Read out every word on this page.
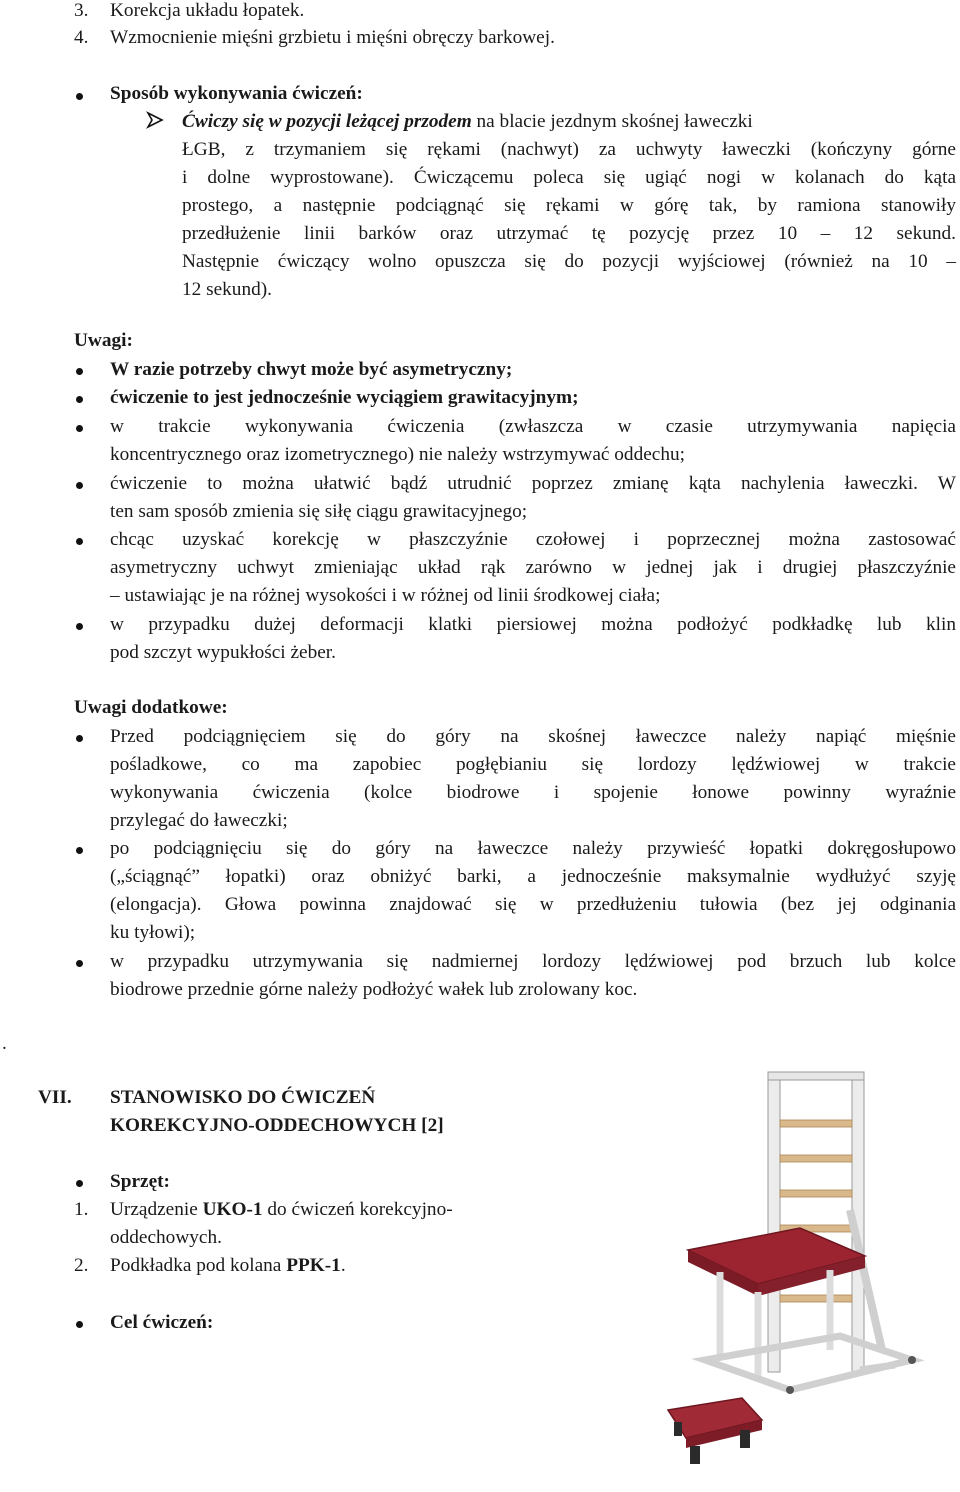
3. Korekcja układu łopatek.
4. Wzmocnienie mięśni grzbietu i mięśni obręczy barkowej.
Sposób wykonywania ćwiczeń:
Ćwiczy się w pozycji leżącej przodem na blacie jezdnym skośnej ławeczki
ŁGB, z trzymaniem się rękami (nachwyt) za uchwyty ławeczki (kończyny górne
i dolne wyprostowane). Ćwiczącemu poleca się ugiąć nogi w kolanach do kąta
prostego, a następnie podciągnąć się rękami w górę tak, by ramiona stanowiły
przedłużenie linii barków oraz utrzymać tę pozycję przez 10 – 12 sekund.
Następnie ćwiczący wolno opuszcza się do pozycji wyjściowej (również na 10 –
12 sekund).
Uwagi:
W razie potrzeby chwyt może być asymetryczny;
ćwiczenie to jest jednocześnie wyciągiem grawitacyjnym;
w trakcie wykonywania ćwiczenia (zwłaszcza w czasie utrzymywania napięcia
koncentrycznego oraz izometrycznego) nie należy wstrzymywać oddechu;
ćwiczenie to można ułatwić bądź utrudnić poprzez zmianę kąta nachylenia ławeczki. W
ten sam sposób zmienia się siłę ciągu grawitacyjnego;
chcąc uzyskać korekcję w płaszczyźnie czołowej i poprzecznej można zastosować
asymetryczny uchwyt zmieniając układ rąk zarówno w jednej jak i drugiej płaszczyźnie
– ustawiając je na różnej wysokości i w różnej od linii środkowej ciała;
w przypadku dużej deformacji klatki piersiowej można podłożyć podkładkę lub klin
pod szczyt wypukłości żeber.
Uwagi dodatkowe:
Przed podciągnięciem się do góry na skośnej ławeczce należy napiąć mięśnie
pośladkowe, co ma zapobiec pogłębianiu się lordozy lędźwiowej w trakcie
wykonywania ćwiczenia (kolce biodrowe i spojenie łonowe powinny wyraźnie
przylegać do ławeczki;
po podciągnięciu się do góry na ławeczce należy przywieść łopatki dokręgosłupowo
(„ściągnąć” łopatki) oraz obniżyć barki, a jednocześnie maksymalnie wydłużyć szyję
(elongacja). Głowa powinna znajdować się w przedłużeniu tułowia (bez jej odginania
ku tyłowi);
w przypadku utrzymywania się nadmiernej lordozy lędźwiowej pod brzuch lub kolce
biodrowe przednie górne należy podłożyć wałek lub zrolowany koc.
.
VII. STANOWISKO DO ĆWICZEŃ
KOREKCYJNO-ODDECHOWYCH [2]
Sprzęt:
1. Urządzenie UKO-1 do ćwiczeń korekcyjno-
oddechowych.
2. Podkładka pod kolana PPK-1.
Cel ćwiczeń:
